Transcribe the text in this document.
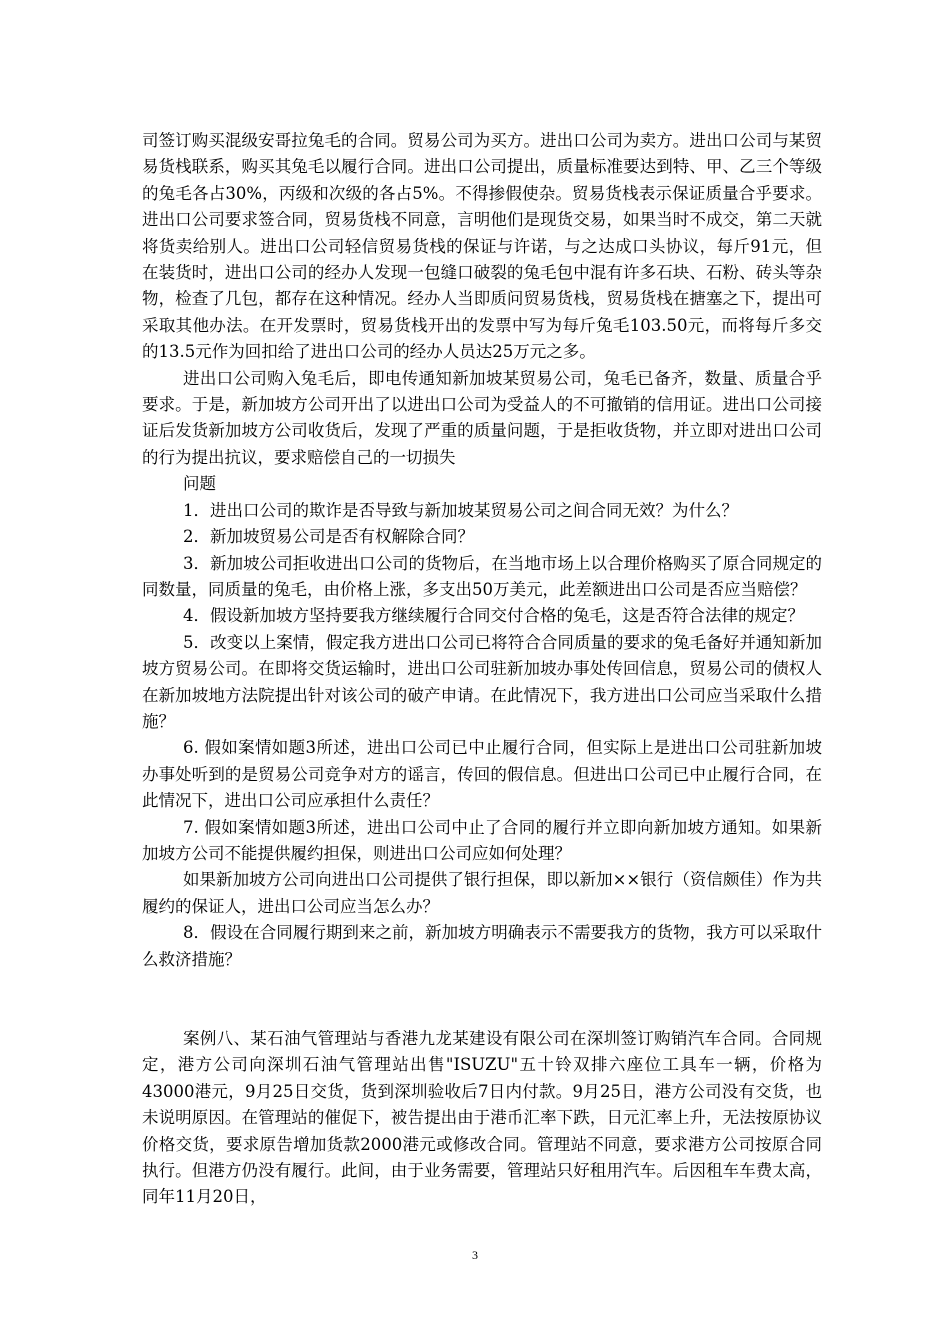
司签订购买混级安哥拉兔毛的合同。贸易公司为买方。进出口公司为卖方。进出口公司与某贸易货栈联系，购买其兔毛以履行合同。进出口公司提出，质量标准要达到特、甲、乙三个等级的兔毛各占30%，丙级和次级的各占5%。不得掺假使杂。贸易货栈表示保证质量合乎要求。进出口公司要求签合同，贸易货栈不同意，言明他们是现货交易，如果当时不成交，第二天就将货卖给别人。进出口公司轻信贸易货栈的保证与许诺，与之达成口头协议，每斤91元，但在装货时，进出口公司的经办人发现一包缝口破裂的兔毛包中混有许多石块、石粉、砖头等杂物，检查了几包，都存在这种情况。经办人当即质问贸易货栈，贸易货栈在搪塞之下，提出可采取其他办法。在开发票时，贸易货栈开出的发票中写为每斤兔毛103.50元，而将每斤多交的13.5元作为回扣给了进出口公司的经办人员达25万元之多。

进出口公司购入兔毛后，即电传通知新加坡某贸易公司，兔毛已备齐，数量、质量合乎要求。于是，新加坡方公司开出了以进出口公司为受益人的不可撤销的信用证。进出口公司接证后发货新加坡方公司收货后，发现了严重的质量问题，于是拒收货物，并立即对进出口公司的行为提出抗议，要求赔偿自己的一切损失

问题

1．进出口公司的欺诈是否导致与新加坡某贸易公司之间合同无效？为什么？

2．新加坡贸易公司是否有权解除合同？

3．新加坡公司拒收进出口公司的货物后，在当地市场上以合理价格购买了原合同规定的同数量，同质量的兔毛，由价格上涨，多支出50万美元，此差额进出口公司是否应当赔偿？

4．假设新加坡方坚持要我方继续履行合同交付合格的兔毛，这是否符合法律的规定？

5．改变以上案情，假定我方进出口公司已将符合合同质量的要求的兔毛备好并通知新加坡方贸易公司。在即将交货运输时，进出口公司驻新加坡办事处传回信息，贸易公司的债权人在新加坡地方法院提出针对该公司的破产申请。在此情况下，我方进出口公司应当采取什么措施？

6. 假如案情如题3所述，进出口公司已中止履行合同，但实际上是进出口公司驻新加坡办事处听到的是贸易公司竞争对方的谣言，传回的假信息。但进出口公司已中止履行合同，在此情况下，进出口公司应承担什么责任？

7. 假如案情如题3所述，进出口公司中止了合同的履行并立即向新加坡方通知。如果新加坡方公司不能提供履约担保，则进出口公司应如何处理？

如果新加坡方公司向进出口公司提供了银行担保，即以新加××银行（资信颇佳）作为共履约的保证人，进出口公司应当怎么办？

8．假设在合同履行期到来之前，新加坡方明确表示不需要我方的货物，我方可以采取什么救济措施？

案例八、某石油气管理站与香港九龙某建设有限公司在深圳签订购销汽车合同。合同规定，港方公司向深圳石油气管理站出售"ISUZU"五十铃双排六座位工具车一辆，价格为43000港元，9月25日交货，货到深圳验收后7日内付款。9月25日，港方公司没有交货，也未说明原因。在管理站的催促下，被告提出由于港币汇率下跌，日元汇率上升，无法按原协议价格交货，要求原告增加货款2000港元或修改合同。管理站不同意，要求港方公司按原合同执行。但港方仍没有履行。此间，由于业务需要，管理站只好租用汽车。后因租车车费太高，同年11月20日，

3
